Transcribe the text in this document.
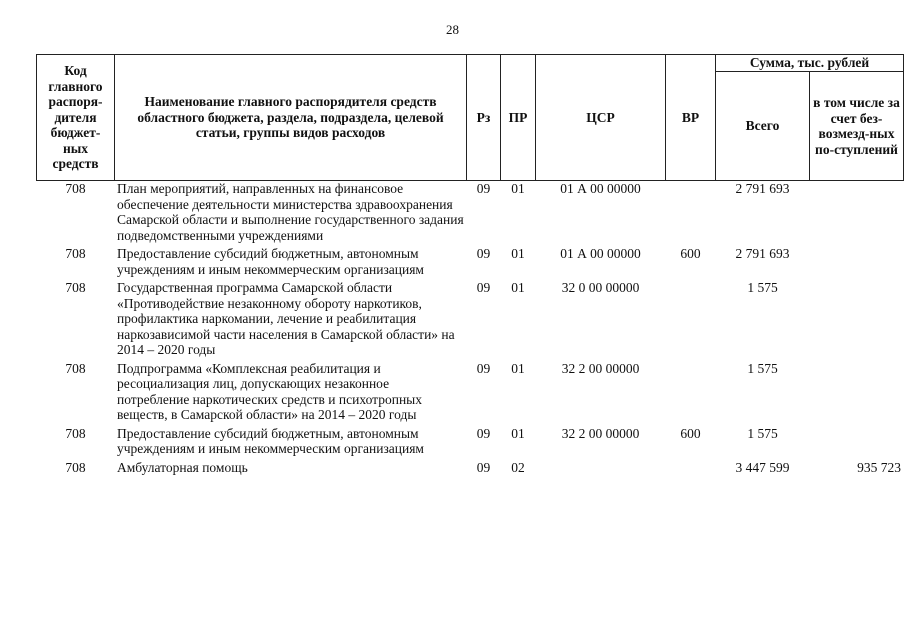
28
Код главного распоря-дителя бюджет-ных средств	Наименование главного распорядителя средств областного бюджета, раздела, подраздела, целевой статьи, группы видов расходов	Рз	ПР	ЦСР	ВР	Сумма, тыс. рублей	
						Всего	в том числе за счет без-возмезд-ных по-ступлений
708	План мероприятий, направленных на финансовое обеспечение деятельности министерства здравоохранения Самарской области и выполнение государственного задания подведомственными учреждениями	09	01	01 А 00 00000		2 791 693	
708	Предоставление субсидий бюджетным, автономным учреждениям и иным некоммерческим организациям	09	01	01 А 00 00000	600	2 791 693	
708	Государственная программа Самарской области «Противодействие незаконному обороту наркотиков, профилактика наркомании, лечение и реабилитация наркозависимой части населения в Самарской области» на 2014 – 2020 годы	09	01	32 0 00 00000		1 575	
708	Подпрограмма «Комплексная реабилитация и ресоциализация лиц, допускающих незаконное потребление наркотических средств и психотропных веществ, в Самарской области» на 2014 – 2020 годы	09	01	32 2 00 00000		1 575	
708	Предоставление субсидий бюджетным, автономным учреждениям и иным некоммерческим организациям	09	01	32 2 00 00000	600	1 575	
708	Амбулаторная помощь	09	02			3 447 599	935 723
